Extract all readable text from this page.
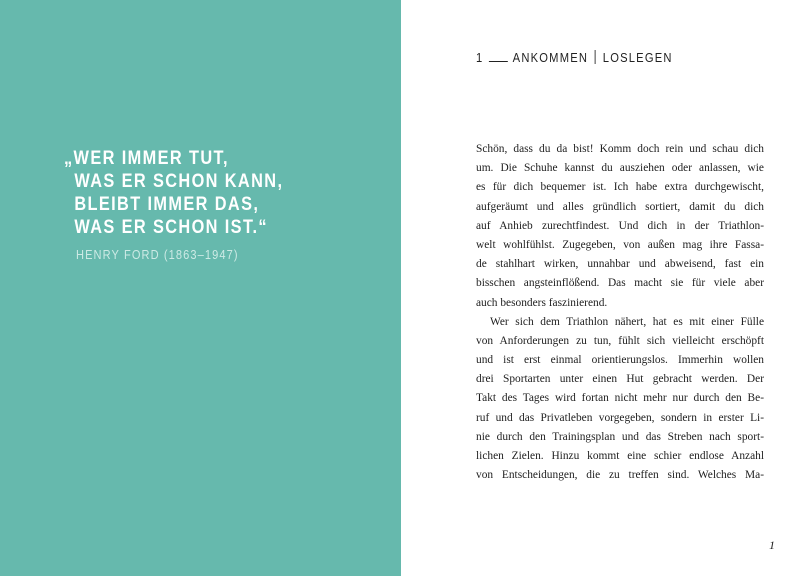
„WER IMMER TUT,
WAS ER SCHON KANN,
BLEIBT IMMER DAS,
WAS ER SCHON IST.“
HENRY FORD (1863–1947)
1 ANKOMMEN LOSLEGEN
Schön, dass du da bist! Komm doch rein und schau dich
um. Die Schuhe kannst du ausziehen oder anlassen, wie
es für dich bequemer ist. Ich habe extra durchgewischt,
aufgeräumt und alles gründlich sortiert, damit du dich
auf Anhieb zurechtfindest. Und dich in der Triathlon-
welt wohlfühlst. Zugegeben, von außen mag ihre Fassa-
de stahlhart wirken, unnahbar und abweisend, fast ein
bisschen angsteinflößend. Das macht sie für viele aber
auch besonders faszinierend.
Wer sich dem Triathlon nähert, hat es mit einer Fülle
von Anforderungen zu tun, fühlt sich vielleicht erschöpft
und ist erst einmal orientierungslos. Immerhin wollen
drei Sportarten unter einen Hut gebracht werden. Der
Takt des Tages wird fortan nicht mehr nur durch den Be-
ruf und das Privatleben vorgegeben, sondern in erster Li-
nie durch den Trainingsplan und das Streben nach sport-
lichen Zielen. Hinzu kommt eine schier endlose Anzahl
von Entscheidungen, die zu treffen sind. Welches Ma-
1
